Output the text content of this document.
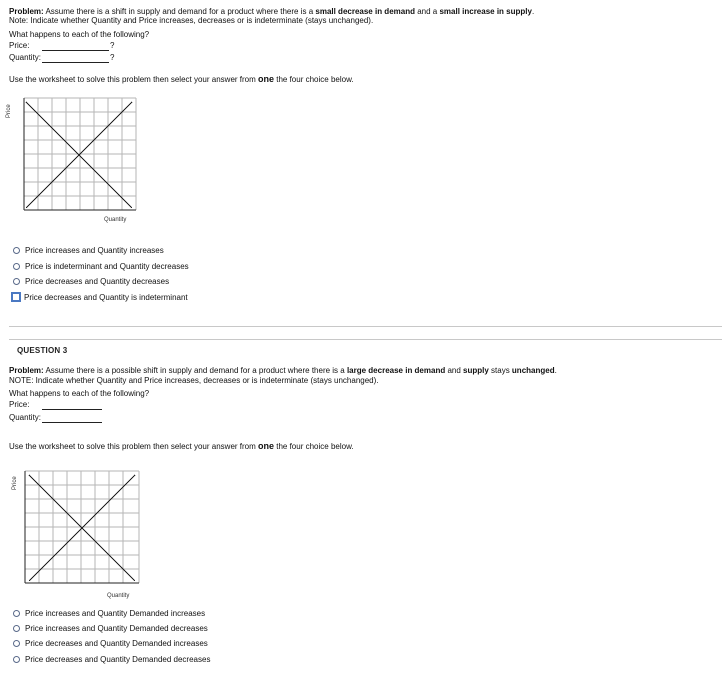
Problem: Assume there is a shift in supply and demand for a product where there is a small decrease in demand and a small increase in supply.
Note: Indicate whether Quantity and Price increases, decreases or is indeterminate (stays unchanged).
What happens to each of the following?
Price:	?
Quantity:	?
Use the worksheet to solve this problem then select your answer from one the four choice below.
Price
Quantity
Price increases and Quantity increases
Price is indeterminant and Quantity decreases
Price decreases and Quantity decreases
Price decreases and Quantity is indeterminant
QUESTION 3
Problem: Assume there is a possible shift in supply and demand for a product where there is a large decrease in demand and supply stays unchanged.
NOTE: Indicate whether Quantity and Price increases, decreases or is indeterminate (stays unchanged).
What happens to each of the following?
Price:
Quantity:
Use the worksheet to solve this problem then select your answer from one the four choice below.
Price
Quantity
Price increases and Quantity Demanded increases
Price increases and Quantity Demanded decreases
Price decreases and Quantity Demanded increases
Price decreases and Quantity Demanded decreases
